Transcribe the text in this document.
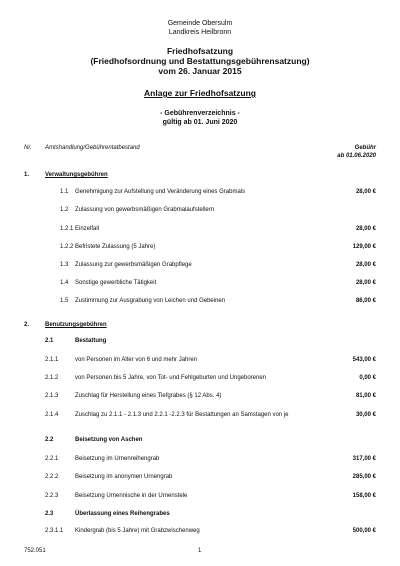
Gemeinde Obersulm
Landkreis Heilbronn
Friedhofsatzung
(Friedhofsordnung und Bestattungsgebührensatzung)
vom 26. Januar 2015
Anlage zur Friedhofsatzung
- Gebührenverzeichnis -
gültig ab 01. Juni 2020
Nr. Amtshandlung/Gebührentatbestand	Gebühr
ab 01.06.2020
1.	Verwaltungsgebühren
1.1 Genehmigung zur Aufstellung und Veränderung eines Grabmals	28,00 €
1.2 Zulassung von gewerbsmäßigen Grabmalaufstellern
1.2.1 Einzelfall	28,00 €
1.2.2 Befristete Zulassung (5 Jahre)	129,00 €
1.3 Zulassung zur gewerbsmäßigen Grabpflege	28,00 €
1.4 Sonstige gewerbliche Tätigkeit	28,00 €
1.5 Zustimmung zur Ausgrabung von Leichen und Gebeinen	86,00 €
2.	Benutzungsgebühren
2.1	Bestattung
2.1.1	von Personen im Alter von 6 und mehr Jahren	543,00 €
2.1.2	von Personen bis 5 Jahre, von Tot- und Fehlgeburten und Ungeborenen	0,00 €
2.1.3	Zuschlag für Herstellung eines Tiefgrabes (§ 12 Abs. 4)	81,00 €
2.1.4	Zuschlag zu 2.1.1 - 2.1.3 und 2.2.1 -2.2.3 für Bestattungen an Samstagen von je	30,00 €
2.2	Beisetzung von Aschen
2.2.1	Beisetzung im Urnenreihengrab	317,00 €
2.2.2	Beisetzung im anonymen Urnengrab	285,00 €
2.2.3	Beisetzung Urnennische in der Urnenstele	158,00 €
2.3	Überlassung eines Reihengrabes
2.3.1.1 Kindergrab (bis 5 Jahre) mit Grabzwischenweg	500,00 €
752.051	1
